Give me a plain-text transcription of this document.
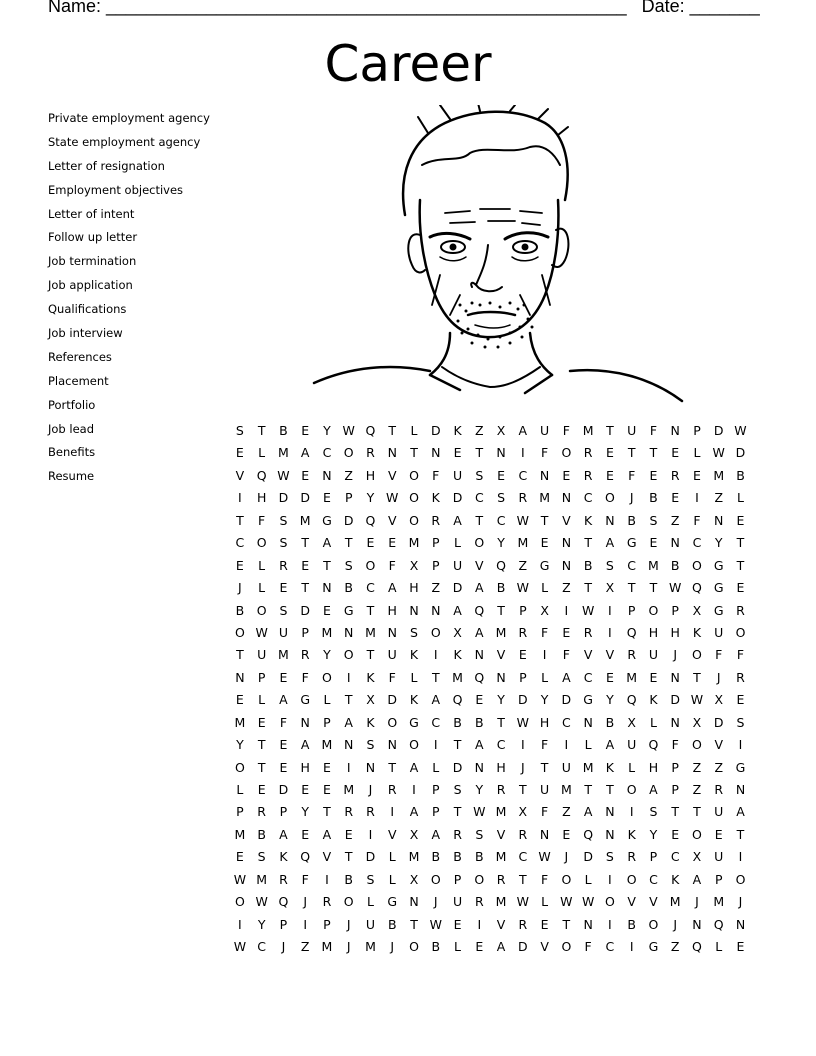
Name: ____________________________________________________ Date: _______
Career
Private employment agency
State employment agency
Letter of resignation
Employment objectives
Letter of intent
Follow up letter
Job termination
Job application
Qualifications
Job interview
References
Placement
Portfolio
Job lead
Benefits
Resume
S	T	B	E	Y W Q	T	L	D	K	Z	X	A	U	F	M	T	U	F	N	P	D W
E	L	M A	C O	R	N	T	N	E	T	N	I	F	O	R	E	T	T	E	L W D
V	Q W E	N	Z	H	V	O	F	U	S	E	C	N	E	R	E	F	E	R	E M B
I	H D D	E	P	Y W O	K	D	C	S	R M N	C O	J	B	E	I	Z	L
T	F	S M G D Q	V	O	R	A	T	C W T	V	K	N	B	S	Z	F	N	E
C O	S	T	A	T	E	E M	P	L	O	Y	M E	N	T	A	G	E	N	C	Y	T
E	L	R	E	T	S	O	F	X	P	U	V	Q	Z	G N	B	S	C M B	O G	T
J	L	E	T	N	B	C	A	H	Z	D	A	B W L	Z	T	X	T	T W Q G	E
B	O	S	D	E	G	T	H N N	A	Q	T	P	X	I	W	I	P	O	P	X	G	R
O W U	P	M N M N	S	O	X	A M R	F	E	R	I	Q H H	K	U O
T	U M R	Y	O	T	U	K	I	K	N	V	E	I	F	V	V	R	U	J	O	F	F
N	P	E	F	O	I	K	F	L	T	M Q N	P	L	A	C	E M E	N	T	J	R
E	L	A	G	L	T	X	D	K	A	Q	E	Y	D	Y	D G	Y	Q	K	D W X	E
M E	F	N	P	A	K	O G	C	B	B	T W H	C	N	B	X	L	N	X	D	S
Y	T	E	A M N	S	N O	I	T	A	C	I	F	I	L	A	U Q	F	O	V	I
O	T	E	H	E	I	N	T	A	L	D N H	J	T	U M K	L	H	P	Z	Z	G
L	E	D	E	E M	J	R	I	P	S	Y	R	T	U M	T	T	O	A	P	Z	R	N
P	R	P	Y	T	R	R	I	A	P	T W M X	F	Z	A	N	I	S	T	T	U	A
M B	A	E	A	E	I	V	X	A	R	S	V	R	N	E	Q N	K	Y	E	O	E	T
E	S	K	Q	V	T	D	L	M B	B	B M C W	J	D	S	R	P	C	X	U	I
W M R	F	I	B	S	L	X	O	P	O	R	T	F	O	L	I	O C	K	A	P	O
O W Q	J	R	O	L	G N	J	U	R M W L W W O	V	V M	J	M	J
I	Y	P	I	P	J	U	B	T W E	I	V	R	E	T	N	I	B	O	J	N Q N
W C	J	Z M	J	M	J	O	B	L	E	A	D	V	O	F	C	I	G	Z	Q	L	E
